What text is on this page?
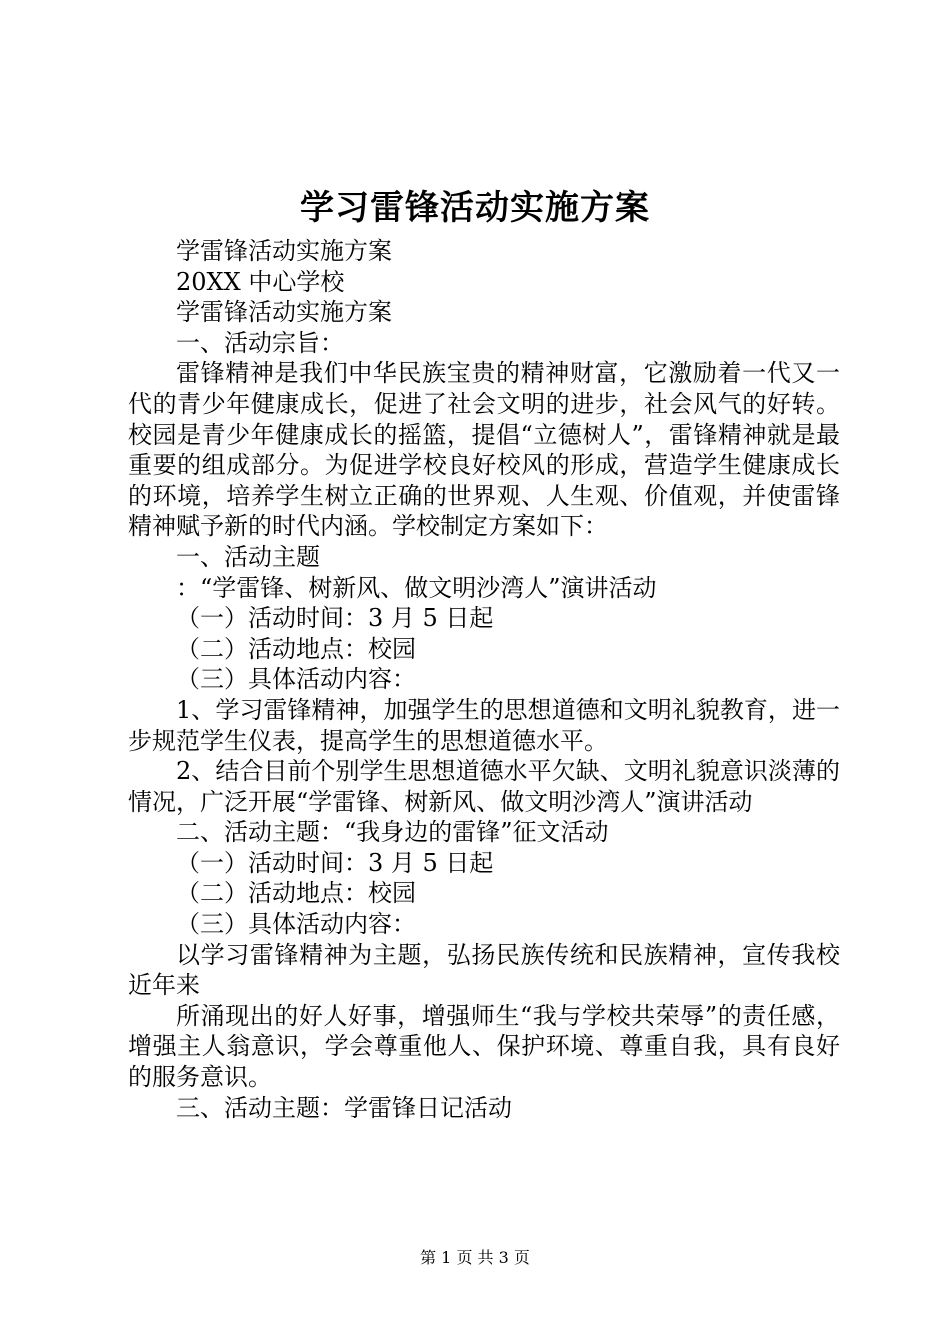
学习雷锋活动实施方案

学雷锋活动实施方案

20XX 中心学校

学雷锋活动实施方案

一、活动宗旨：

雷锋精神是我们中华民族宝贵的精神财富，它激励着一代又一代的青少年健康成长，促进了社会文明的进步，社会风气的好转。校园是青少年健康成长的摇篮，提倡“立德树人”，雷锋精神就是最重要的组成部分。为促进学校良好校风的形成，营造学生健康成长的环境，培养学生树立正确的世界观、人生观、价值观，并使雷锋精神赋予新的时代内涵。学校制定方案如下：

一、活动主题

：“学雷锋、树新风、做文明沙湾人”演讲活动

（一）活动时间：3 月 5 日起

（二）活动地点：校园

（三）具体活动内容：

1、学习雷锋精神，加强学生的思想道德和文明礼貌教育，进一步规范学生仪表，提高学生的思想道德水平。

2、结合目前个别学生思想道德水平欠缺、文明礼貌意识淡薄的情况，广泛开展“学雷锋、树新风、做文明沙湾人”演讲活动

二、活动主题：“我身边的雷锋”征文活动

（一）活动时间：3 月 5 日起

（二）活动地点：校园

（三）具体活动内容：

以学习雷锋精神为主题，弘扬民族传统和民族精神，宣传我校近年来

所涌现出的好人好事，增强师生“我与学校共荣辱”的责任感，增强主人翁意识，学会尊重他人、保护环境、尊重自我，具有良好的服务意识。

三、活动主题：学雷锋日记活动

第 1 页 共 3 页
